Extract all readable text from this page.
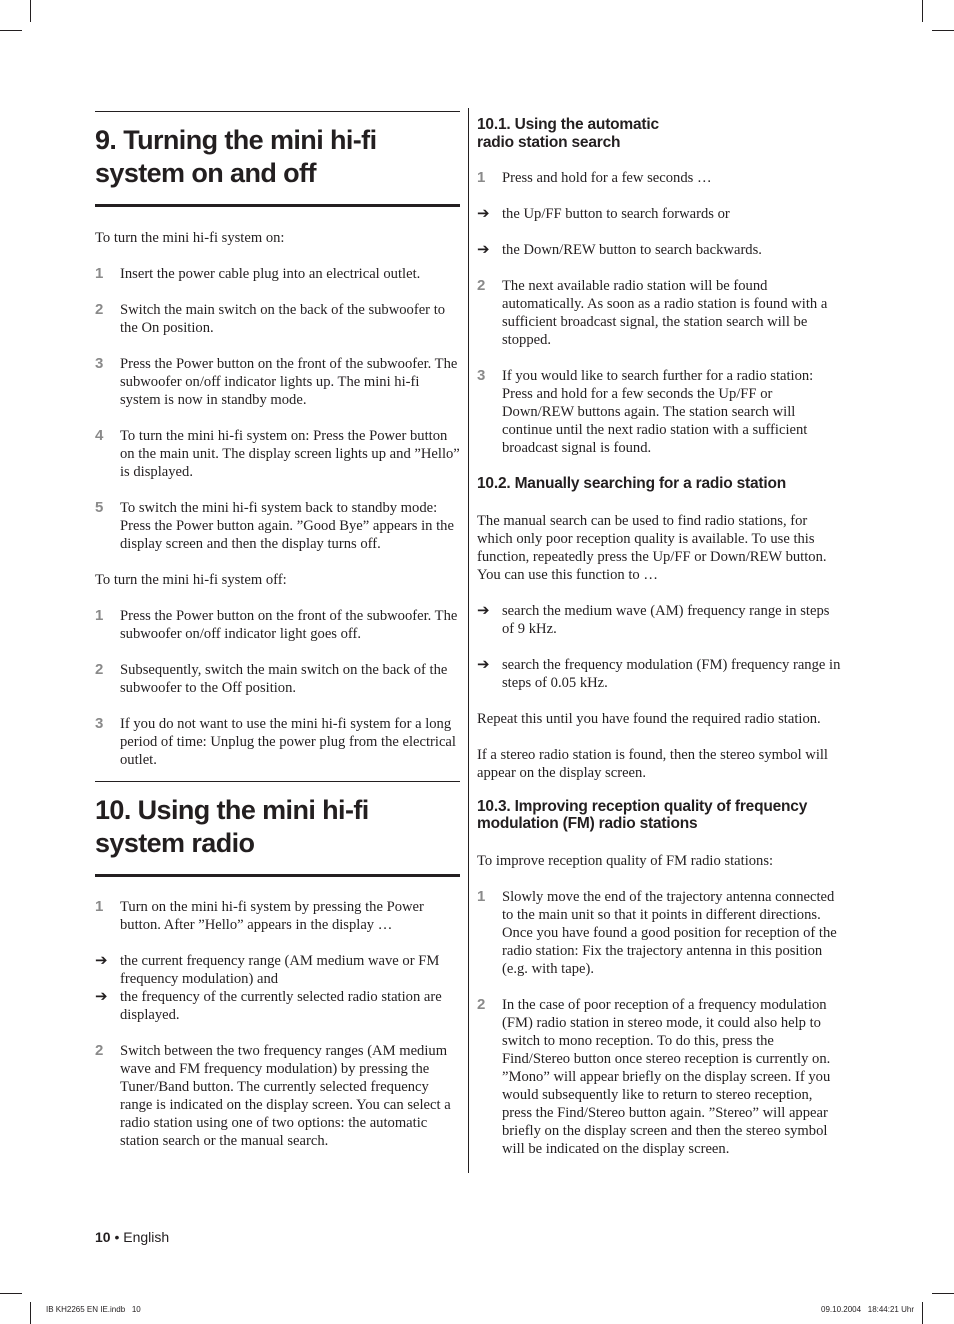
9. Turning the mini hi-fi system on and off

To turn the mini hi-fi system on:

1 Insert the power cable plug into an electrical outlet.
2 Switch the main switch on the back of the subwoofer to the On position.
3 Press the Power button on the front of the subwoofer. The subwoofer on/off indicator lights up. The mini hi-fi system is now in standby mode.
4 To turn the mini hi-fi system on: Press the Power button on the main unit. The display screen lights up and ”Hello” is displayed.
5 To switch the mini hi-fi system back to standby mode: Press the Power button again. ”Good Bye” appears in the display screen and then the display turns off.

To turn the mini hi-fi system off:

1 Press the Power button on the front of the subwoofer. The subwoofer on/off indicator light goes off.
2 Subsequently, switch the main switch on the back of the subwoofer to the Off position.
3 If you do not want to use the mini hi-fi system for a long period of time: Unplug the power plug from the electrical outlet.
10. Using the mini hi-fi system radio
1 Turn on the mini hi-fi system by pressing the Power button. After ”Hello” appears in the display …
➔ the current frequency range (AM medium wave or FM frequency modulation) and
➔ the frequency of the currently selected radio station are displayed.
2 Switch between the two frequency ranges (AM medium wave and FM frequency modulation) by pressing the Tuner/Band button. The currently selected frequency range is indicated on the display screen. You can select a radio station using one of two options: the automatic station search or the manual search.
10.1. Using the automatic radio station search
1 Press and hold for a few seconds …
➔ the Up/FF button to search forwards or
➔ the Down/REW button to search backwards.
2 The next available radio station will be found automatically. As soon as a radio station is found with a sufficient broadcast signal, the station search will be stopped.
3 If you would like to search further for a radio station: Press and hold for a few seconds the Up/FF or Down/REW buttons again. The station search will continue until the next radio station with a sufficient broadcast signal is found.
10.2. Manually searching for a radio station

The manual search can be used to find radio stations, for which only poor reception quality is available. To use this function, repeatedly press the Up/FF or Down/REW button. You can use this function to …

➔ search the medium wave (AM) frequency range in steps of 9 kHz.
➔ search the frequency modulation (FM) frequency range in steps of 0.05 kHz.

Repeat this until you have found the required radio station.

If a stereo radio station is found, then the stereo symbol will appear on the display screen.

10.3. Improving reception quality of frequency modulation (FM) radio stations

To improve reception quality of FM radio stations:

1 Slowly move the end of the trajectory antenna connected to the main unit so that it points in different directions. Once you have found a good position for reception of the radio station: Fix the trajectory antenna in this position (e.g. with tape).
2 In the case of poor reception of a frequency modulation (FM) radio station in stereo mode, it could also help to switch to mono reception. To do this, press the Find/Stereo button once stereo reception is currently on. ”Mono” will appear briefly on the display screen. If you would subsequently like to return to stereo reception, press the Find/Stereo button again. ”Stereo” will appear briefly on the display screen and then the stereo symbol will be indicated on the display screen.
10 • English
IB KH2265 EN IE.indb   10	09.10.2004   18:44:21 Uhr
